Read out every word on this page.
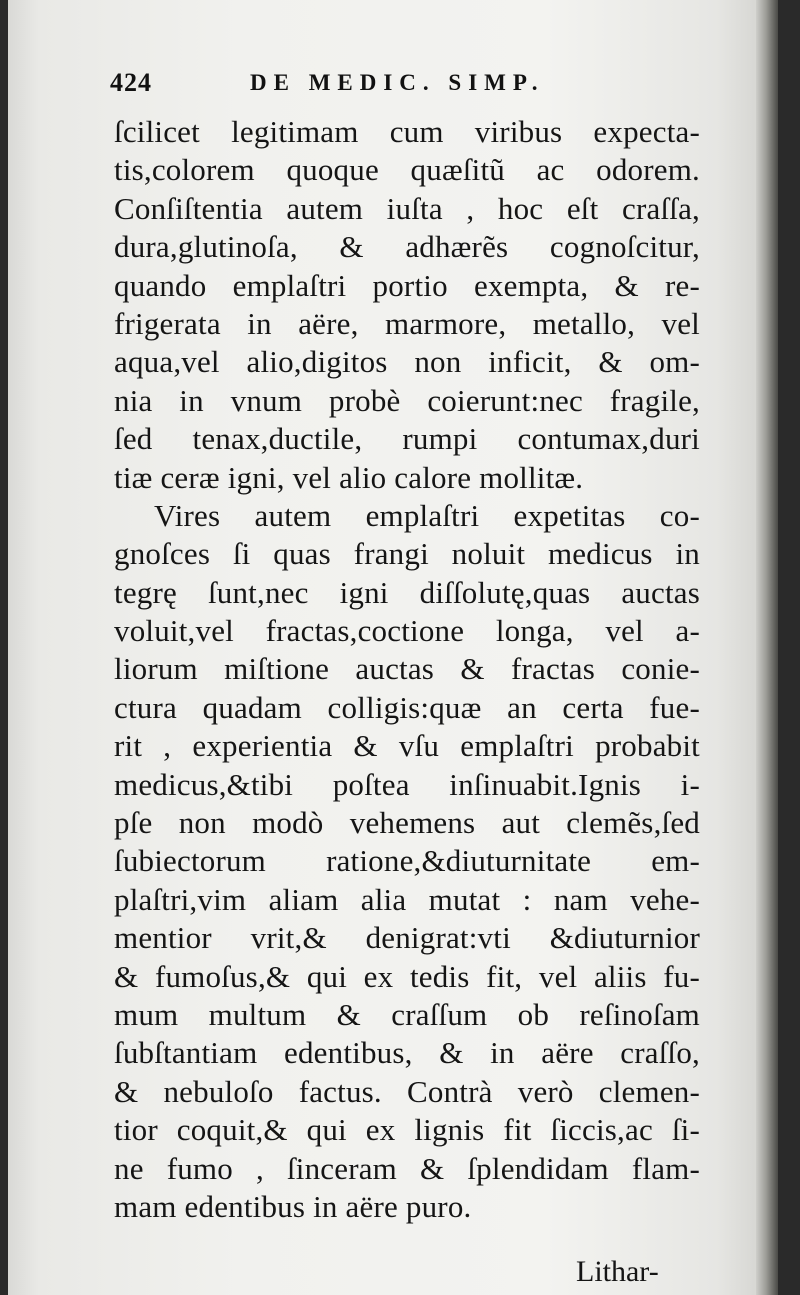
424	DE MEDIC. SIMP.
ſcilicet legitimam cum viribus expecta-
tis,colorem quoque quæſitũ ac odorem.
Conſiſtentia autem iuſta , hoc eſt craſſa,
dura,glutinoſa, & adhærẽs cognoſcitur,
quando emplaſtri portio exempta, & re-
frigerata in aëre, marmore, metallo, vel
aqua,vel alio,digitos non inficit, & om-
nia in vnum probè coierunt:nec fragile,
ſed tenax,ductile, rumpi contumax,duri
tiæ ceræ igni, vel alio calore mollitæ.
Vires autem emplaſtri expetitas co-
gnoſces ſi quas frangi noluit medicus in
tegrę ſunt,nec igni diſſolutę,quas auctas
voluit,vel fractas,coctione longa, vel a-
liorum miſtione auctas & fractas conie-
ctura quadam colligis:quæ an certa fue-
rit , experientia & vſu emplaſtri probabit
medicus,&tibi poſtea inſinuabit.Ignis i-
pſe non modò vehemens aut clemẽs,ſed
ſubiectorum ratione,&diuturnitate em-
plaſtri,vim aliam alia mutat : nam vehe-
mentior vrit,& denigrat:vti &diuturnior
& fumoſus,& qui ex tedis fit, vel aliis fu-
mum multum & craſſum ob reſinoſam
ſubſtantiam edentibus, & in aëre craſſo,
& nebuloſo factus. Contrà verò clemen-
tior coquit,& qui ex lignis fit ſiccis,ac ſi-
ne fumo , ſinceram & ſplendidam flam-
mam edentibus in aëre puro.
Lithar-
